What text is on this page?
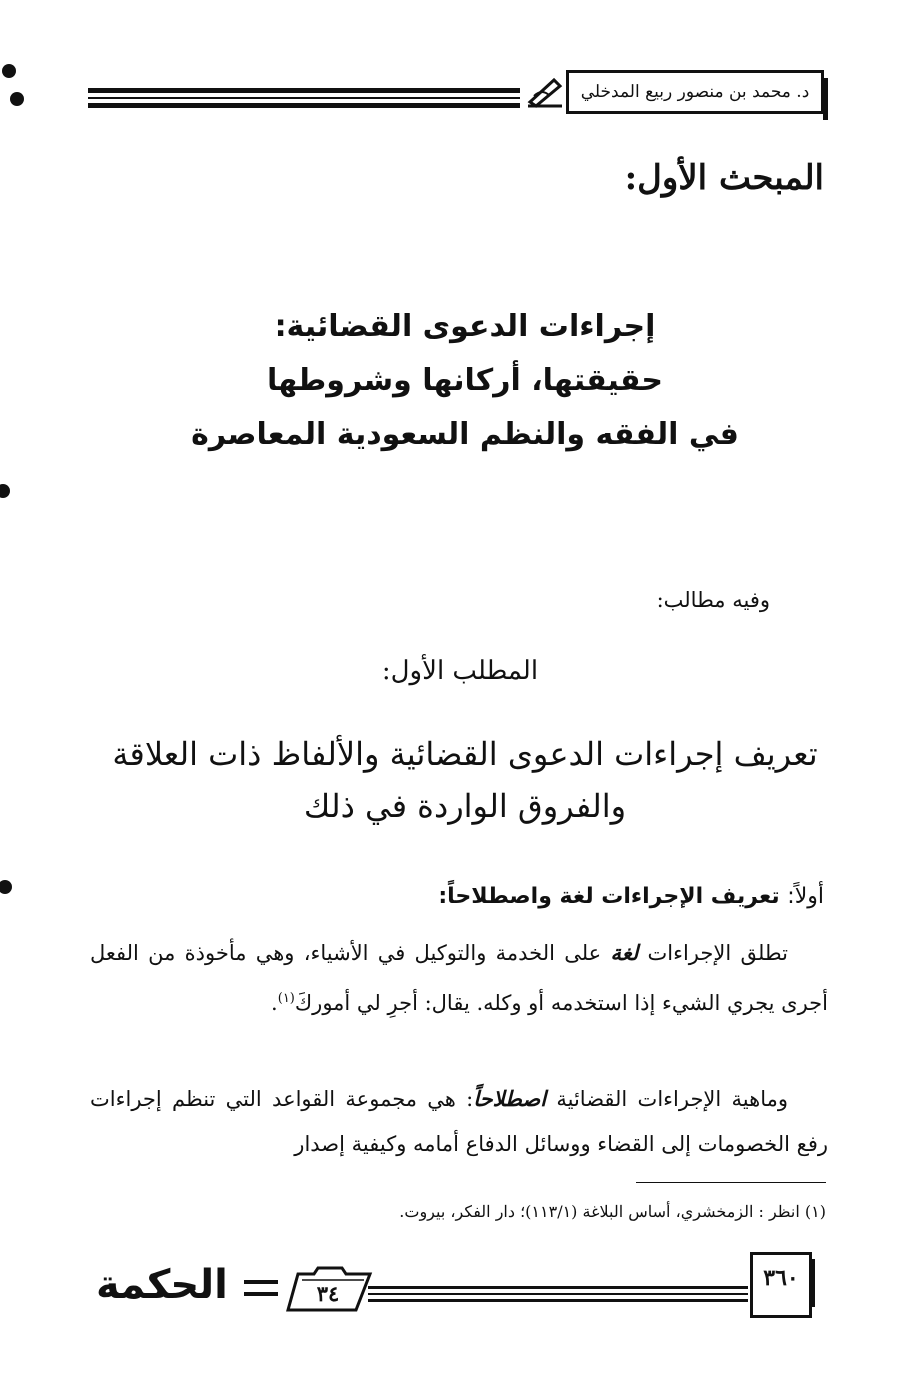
د. محمد بن منصور ربيع المدخلي
المبحث الأول:
إجراءات الدعوى القضائية:
حقيقتها، أركانها وشروطها
في الفقه والنظم السعودية المعاصرة
وفيه مطالب:
المطلب الأول:
تعريف إجراءات الدعوى القضائية والألفاظ ذات العلاقة
والفروق الواردة في ذلك
أولاً: تعريف الإجراءات لغة واصطلاحاً:
تطلق الإجراءات لغة على الخدمة والتوكيل في الأشياء، وهي مأخوذة من الفعل أجرى يجري الشيء إذا استخدمه أو وكله. يقال: أجرِ لي أموركَ$^{(١)}$.
وماهية الإجراءات القضائية اصطلاحاً: هي مجموعة القواعد التي تنظم إجراءات رفع الخصومات إلى القضاء ووسائل الدفاع أمامه وكيفية إصدار
(١) انظر : الزمخشري، أساس البلاغة (١١٣/١)؛ دار الفكر، بيروت.
٣٦٠
٣٤
الحكمة
